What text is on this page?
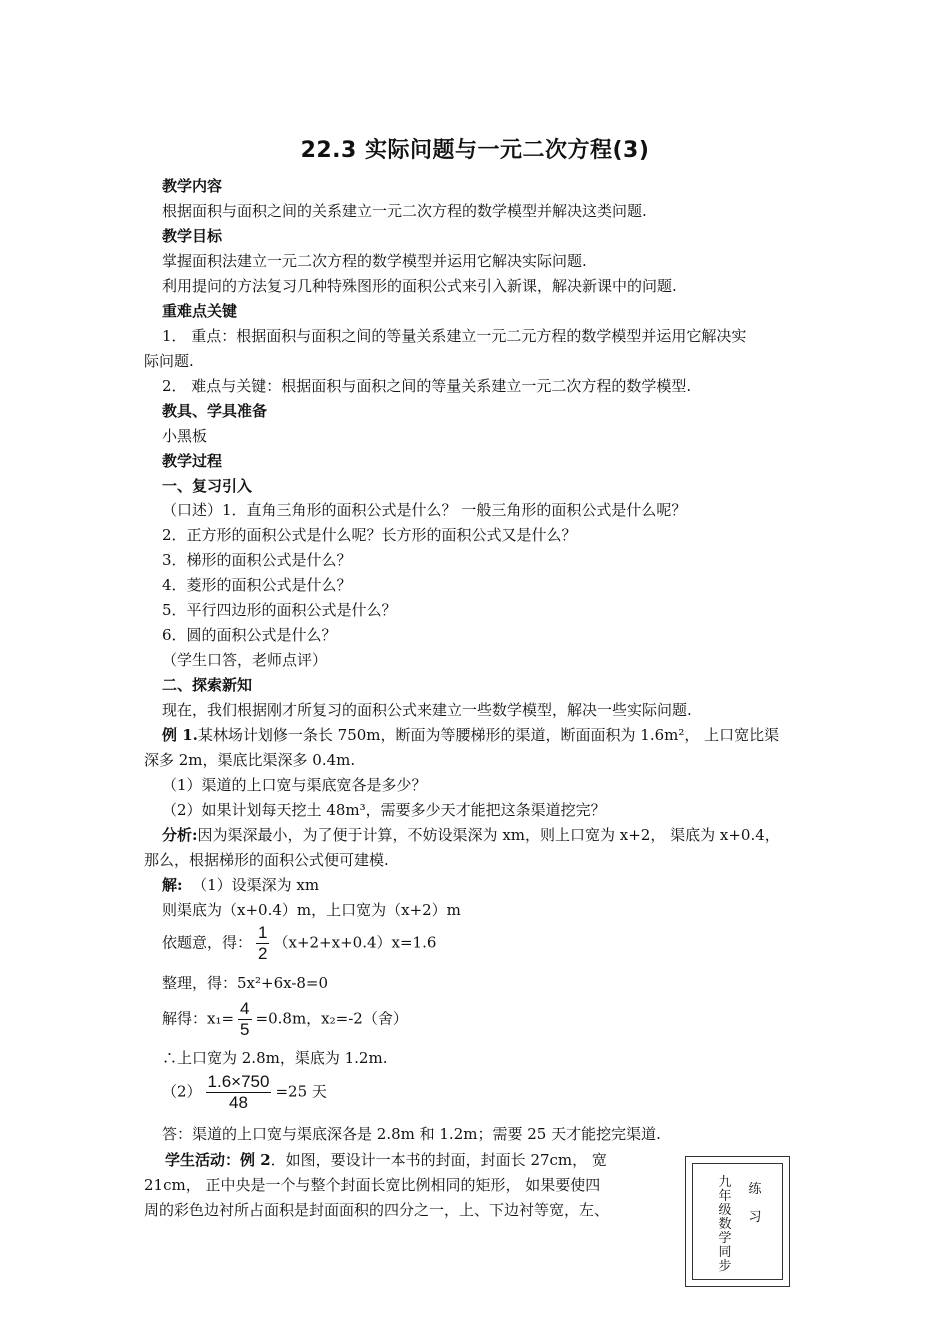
22.3 实际问题与一元二次方程(3)
教学内容
根据面积与面积之间的关系建立一元二次方程的数学模型并解决这类问题.
教学目标
掌握面积法建立一元二次方程的数学模型并运用它解决实际问题.
利用提问的方法复习几种特殊图形的面积公式来引入新课，解决新课中的问题.
重难点关键
1． 重点：根据面积与面积之间的等量关系建立一元二元方程的数学模型并运用它解决实
际问题.
2． 难点与关键：根据面积与面积之间的等量关系建立一元二次方程的数学模型.
教具、学具准备
小黑板
教学过程
一、复习引入
（口述）1．直角三角形的面积公式是什么？ 一般三角形的面积公式是什么呢？
2．正方形的面积公式是什么呢？长方形的面积公式又是什么？
3．梯形的面积公式是什么？
4．菱形的面积公式是什么？
5．平行四边形的面积公式是什么？
6．圆的面积公式是什么？
（学生口答，老师点评）
二、探索新知
现在，我们根据刚才所复习的面积公式来建立一些数学模型，解决一些实际问题.
例 1.某林场计划修一条长 750m，断面为等腰梯形的渠道，断面面积为 1.6m²， 上口宽比渠
深多 2m，渠底比渠深多 0.4m.
（1）渠道的上口宽与渠底宽各是多少？
（2）如果计划每天挖土 48m³，需要多少天才能把这条渠道挖完？
分析:因为渠深最小，为了便于计算，不妨设渠深为 xm，则上口宽为 x+2， 渠底为 x+0.4，
那么，根据梯形的面积公式便可建模.
解: （1）设渠深为 xm
则渠底为（x+0.4）m，上口宽为（x+2）m
依题意，得： $\frac{1}{2} (x+2+x+0.4)x=1.6$
整理，得：5x²+6x-8=0
解得：$x_1= \frac{4}{5} =0.8m$，x₂=-2（舍）
∴上口宽为 2.8m，渠底为 1.2m.
$(2) \frac{1.6\times 750}{48} =25$ 天
答：渠道的上口宽与渠底深各是 2.8m 和 1.2m；需要 25 天才能挖完渠道.
学生活动：例 2．如图，要设计一本书的封面，封面长 27cm， 宽
21cm， 正中央是一个与整个封面长宽比例相同的矩形， 如果要使四
周的彩色边衬所占面积是封面面积的四分之一，上、下边衬等宽，左、
九年级数学同步
练习
